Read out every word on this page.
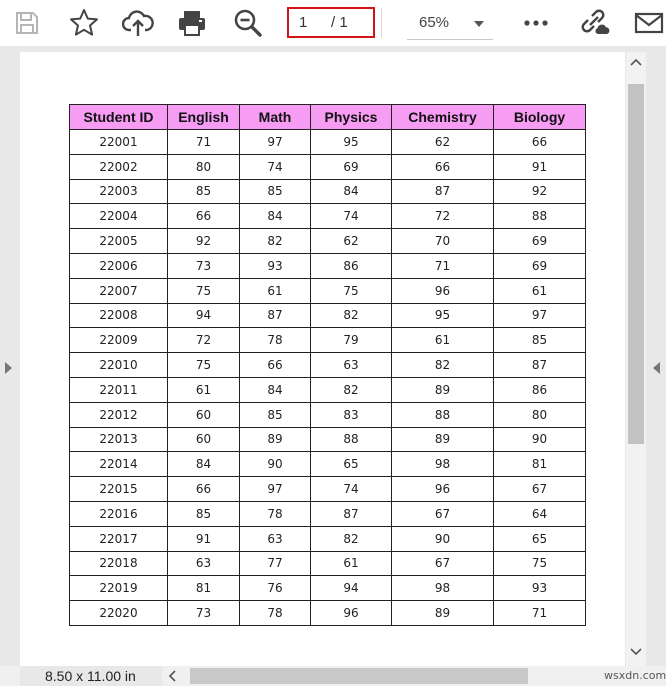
1	/ 1	65%
Student ID	English	Math	Physics	Chemistry	Biology
22001	71	97	95	62	66
22002	80	74	69	66	91
22003	85	85	84	87	92
22004	66	84	74	72	88
22005	92	82	62	70	69
22006	73	93	86	71	69
22007	75	61	75	96	61
22008	94	87	82	95	97
22009	72	78	79	61	85
22010	75	66	63	82	87
22011	61	84	82	89	86
22012	60	85	83	88	80
22013	60	89	88	89	90
22014	84	90	65	98	81
22015	66	97	74	96	67
22016	85	78	87	67	64
22017	91	63	82	90	65
22018	63	77	61	67	75
22019	81	76	94	98	93
22020	73	78	96	89	71
8.50 x 11.00 in	wsxdn.com
